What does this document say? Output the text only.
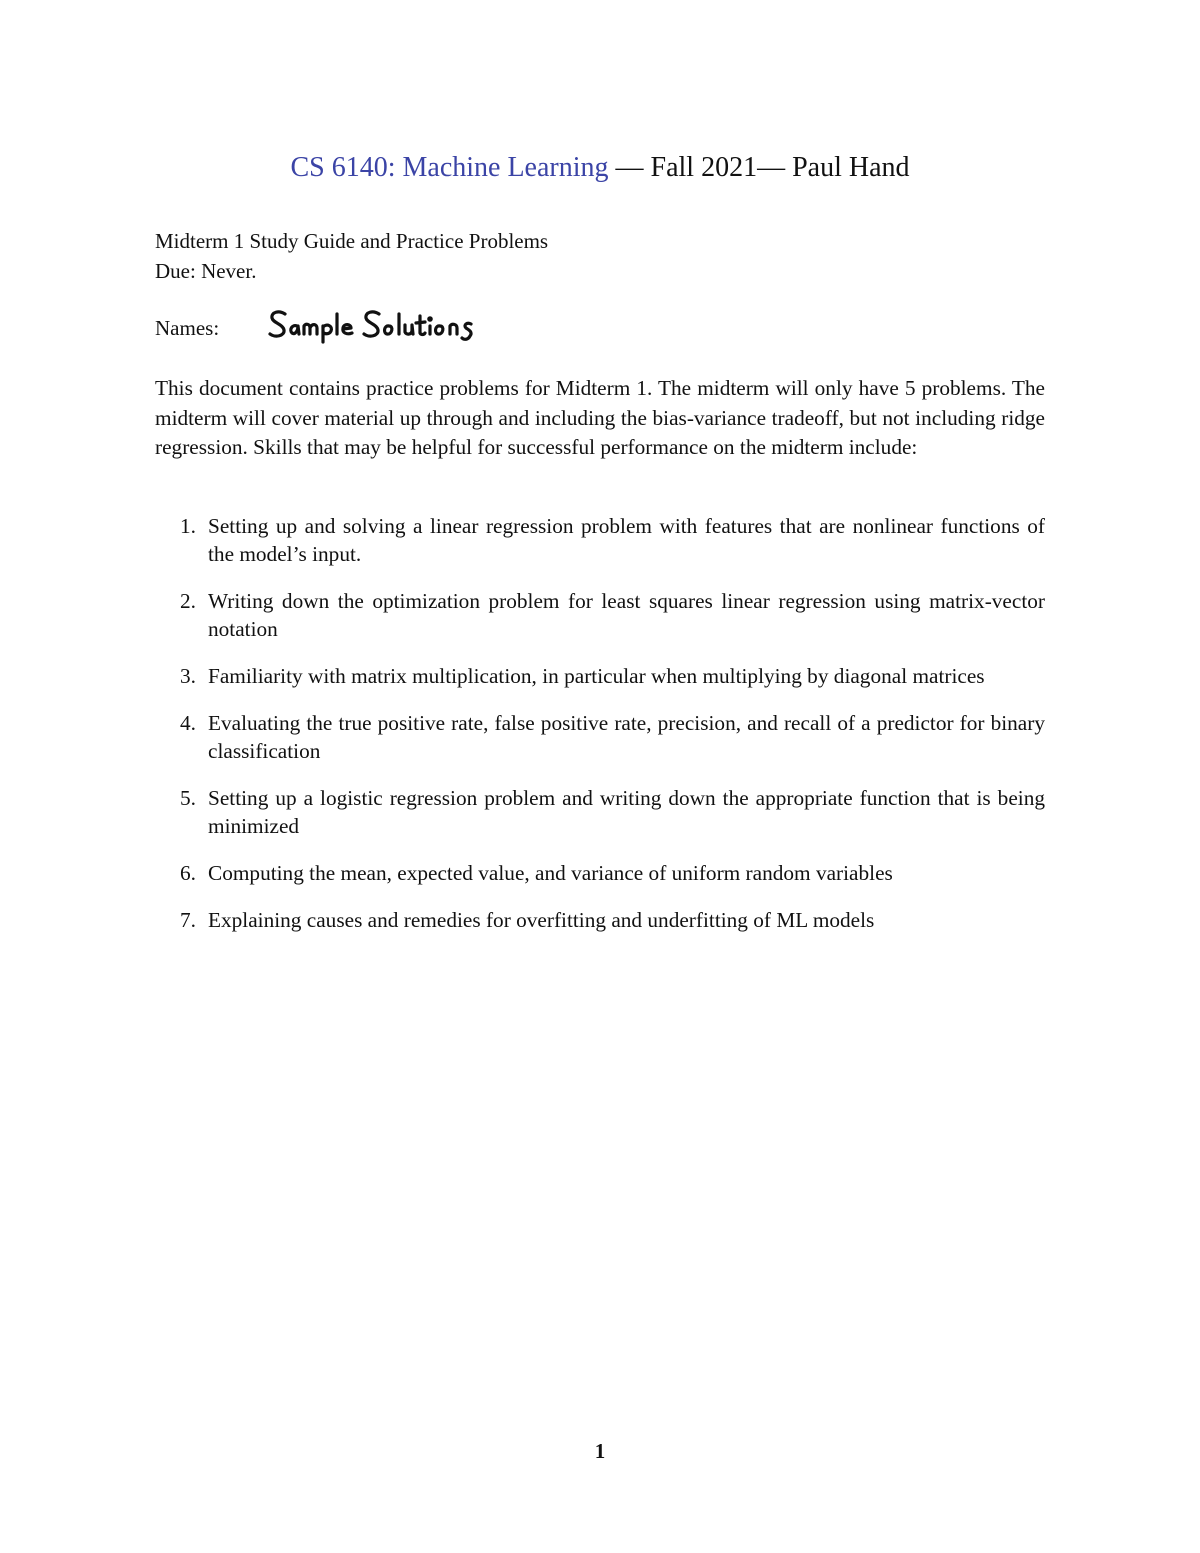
CS 6140: Machine Learning — Fall 2021— Paul Hand
Midterm 1 Study Guide and Practice Problems
Due: Never.
Names:

This document contains practice problems for Midterm 1. The midterm will only have 5 problems. The midterm will cover material up through and including the bias-variance tradeoff, but not including ridge regression. Skills that may be helpful for successful performance on the midterm include:

1. Setting up and solving a linear regression problem with features that are nonlinear functions of the model’s input.
2. Writing down the optimization problem for least squares linear regression using matrix-vector notation
3. Familiarity with matrix multiplication, in particular when multiplying by diagonal matrices
4. Evaluating the true positive rate, false positive rate, precision, and recall of a predictor for binary classification
5. Setting up a logistic regression problem and writing down the appropriate function that is being minimized
6. Computing the mean, expected value, and variance of uniform random variables
7. Explaining causes and remedies for overfitting and underfitting of ML models
1
